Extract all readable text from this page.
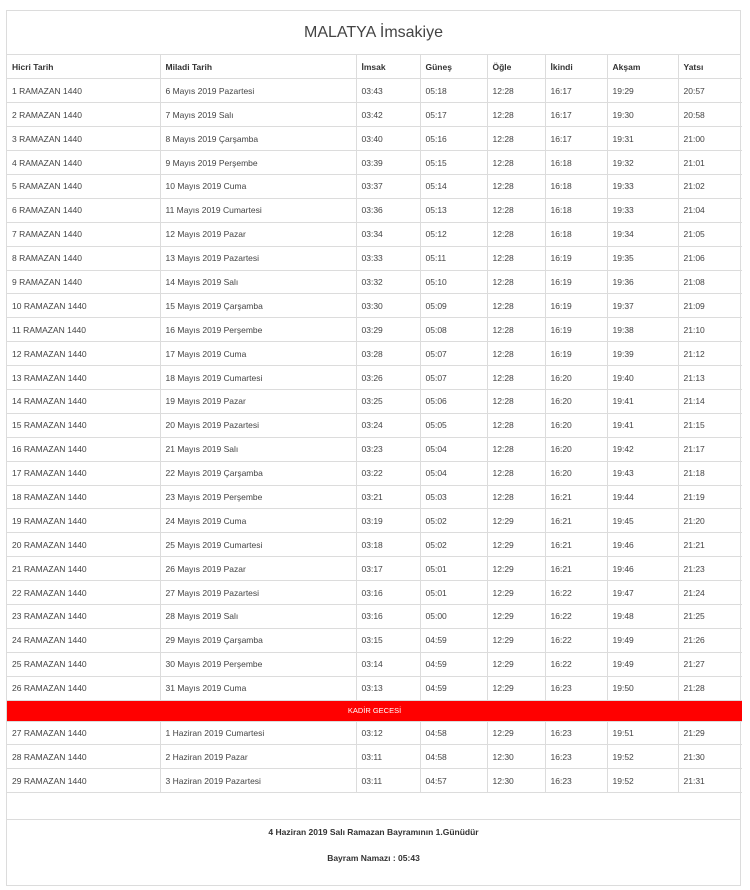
MALATYA İmsakiye
Hicri Tarih	Miladi Tarih	İmsak	Güneş	Öğle	İkindi	Akşam	Yatsı
1 RAMAZAN 1440	6 Mayıs 2019 Pazartesi	03:43	05:18	12:28	16:17	19:29	20:57
2 RAMAZAN 1440	7 Mayıs 2019 Salı	03:42	05:17	12:28	16:17	19:30	20:58
3 RAMAZAN 1440	8 Mayıs 2019 Çarşamba	03:40	05:16	12:28	16:17	19:31	21:00
4 RAMAZAN 1440	9 Mayıs 2019 Perşembe	03:39	05:15	12:28	16:18	19:32	21:01
5 RAMAZAN 1440	10 Mayıs 2019 Cuma	03:37	05:14	12:28	16:18	19:33	21:02
6 RAMAZAN 1440	11 Mayıs 2019 Cumartesi	03:36	05:13	12:28	16:18	19:33	21:04
7 RAMAZAN 1440	12 Mayıs 2019 Pazar	03:34	05:12	12:28	16:18	19:34	21:05
8 RAMAZAN 1440	13 Mayıs 2019 Pazartesi	03:33	05:11	12:28	16:19	19:35	21:06
9 RAMAZAN 1440	14 Mayıs 2019 Salı	03:32	05:10	12:28	16:19	19:36	21:08
10 RAMAZAN 1440	15 Mayıs 2019 Çarşamba	03:30	05:09	12:28	16:19	19:37	21:09
11 RAMAZAN 1440	16 Mayıs 2019 Perşembe	03:29	05:08	12:28	16:19	19:38	21:10
12 RAMAZAN 1440	17 Mayıs 2019 Cuma	03:28	05:07	12:28	16:19	19:39	21:12
13 RAMAZAN 1440	18 Mayıs 2019 Cumartesi	03:26	05:07	12:28	16:20	19:40	21:13
14 RAMAZAN 1440	19 Mayıs 2019 Pazar	03:25	05:06	12:28	16:20	19:41	21:14
15 RAMAZAN 1440	20 Mayıs 2019 Pazartesi	03:24	05:05	12:28	16:20	19:41	21:15
16 RAMAZAN 1440	21 Mayıs 2019 Salı	03:23	05:04	12:28	16:20	19:42	21:17
17 RAMAZAN 1440	22 Mayıs 2019 Çarşamba	03:22	05:04	12:28	16:20	19:43	21:18
18 RAMAZAN 1440	23 Mayıs 2019 Perşembe	03:21	05:03	12:28	16:21	19:44	21:19
19 RAMAZAN 1440	24 Mayıs 2019 Cuma	03:19	05:02	12:29	16:21	19:45	21:20
20 RAMAZAN 1440	25 Mayıs 2019 Cumartesi	03:18	05:02	12:29	16:21	19:46	21:21
21 RAMAZAN 1440	26 Mayıs 2019 Pazar	03:17	05:01	12:29	16:21	19:46	21:23
22 RAMAZAN 1440	27 Mayıs 2019 Pazartesi	03:16	05:01	12:29	16:22	19:47	21:24
23 RAMAZAN 1440	28 Mayıs 2019 Salı	03:16	05:00	12:29	16:22	19:48	21:25
24 RAMAZAN 1440	29 Mayıs 2019 Çarşamba	03:15	04:59	12:29	16:22	19:49	21:26
25 RAMAZAN 1440	30 Mayıs 2019 Perşembe	03:14	04:59	12:29	16:22	19:49	21:27
26 RAMAZAN 1440	31 Mayıs 2019 Cuma	03:13	04:59	12:29	16:23	19:50	21:28
KADİR GECESİ							
27 RAMAZAN 1440	1 Haziran 2019 Cumartesi	03:12	04:58	12:29	16:23	19:51	21:29
28 RAMAZAN 1440	2 Haziran 2019 Pazar	03:11	04:58	12:30	16:23	19:52	21:30
29 RAMAZAN 1440	3 Haziran 2019 Pazartesi	03:11	04:57	12:30	16:23	19:52	21:31
4 Haziran 2019 Salı Ramazan Bayramının 1.Günüdür
Bayram Namazı : 05:43
